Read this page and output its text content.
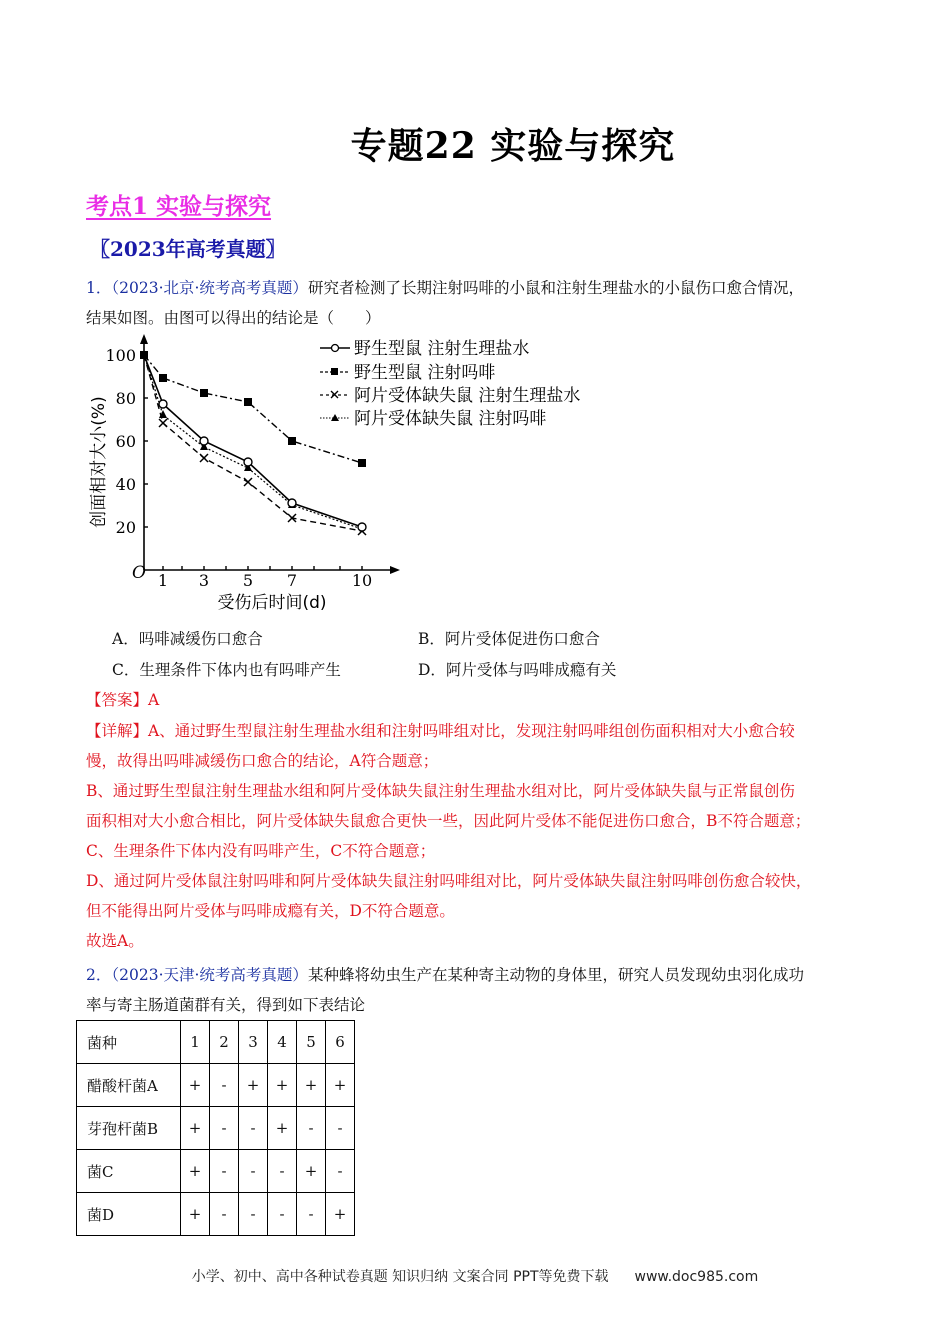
专题22 实验与探究
考点1 实验与探究
〖2023年高考真题〗
1．（2023·北京·统考高考真题）研究者检测了长期注射吗啡的小鼠和注射生理盐水的小鼠伤口愈合情况，
结果如图。由图可以得出的结论是（　　）
100
80
60
40
20
O 1 3 5 7	10
受伤后时间(d)
创面相对大小(%)
野生型鼠 注射生理盐水
野生型鼠 注射吗啡
阿片受体缺失鼠 注射生理盐水
阿片受体缺失鼠 注射吗啡
A．吗啡减缓伤口愈合	B．阿片受体促进伤口愈合
C．生理条件下体内也有吗啡产生	D．阿片受体与吗啡成瘾有关
【答案】A
【详解】A、通过野生型鼠注射生理盐水组和注射吗啡组对比，发现注射吗啡组创伤面积相对大小愈合较
慢，故得出吗啡减缓伤口愈合的结论，A符合题意；
B、通过野生型鼠注射生理盐水组和阿片受体缺失鼠注射生理盐水组对比，阿片受体缺失鼠与正常鼠创伤
面积相对大小愈合相比，阿片受体缺失鼠愈合更快一些，因此阿片受体不能促进伤口愈合，B不符合题意；
C、生理条件下体内没有吗啡产生，C不符合题意；
D、通过阿片受体鼠注射吗啡和阿片受体缺失鼠注射吗啡组对比，阿片受体缺失鼠注射吗啡创伤愈合较快，
但不能得出阿片受体与吗啡成瘾有关，D不符合题意。
故选A。
2．（2023·天津·统考高考真题）某种蜂将幼虫生产在某种寄主动物的身体里，研究人员发现幼虫羽化成功
率与寄主肠道菌群有关，得到如下表结论
菌种	1	2	3	4	5	6
醋酸杆菌A	+	-	+	+	+	+
芽孢杆菌B	+	-	-	+	-	-
菌C	+	-	-	-	+	-
菌D	+	-	-	-	-	+
小学、初中、高中各种试卷真题 知识归纳 文案合同 PPT等免费下载 www.doc985.com
